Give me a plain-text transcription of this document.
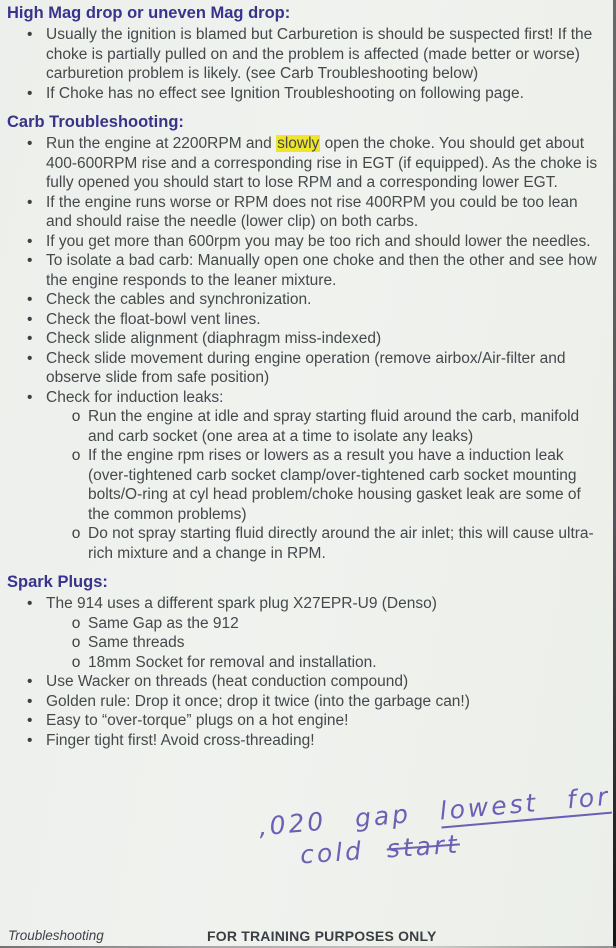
High Mag drop or uneven Mag drop:
• Usually the ignition is blamed but Carburetion is should be suspected first! If the choke is partially pulled on and the problem is affected (made better or worse) carburetion problem is likely. (see Carb Troubleshooting below)
• If Choke has no effect see Ignition Troubleshooting on following page.
Carb Troubleshooting:
• Run the engine at 2200RPM and slowly open the choke. You should get about 400-600RPM rise and a corresponding rise in EGT (if equipped). As the choke is fully opened you should start to lose RPM and a corresponding lower EGT.
• If the engine runs worse or RPM does not rise 400RPM you could be too lean and should raise the needle (lower clip) on both carbs.
• If you get more than 600rpm you may be too rich and should lower the needles.
• To isolate a bad carb: Manually open one choke and then the other and see how the engine responds to the leaner mixture.
• Check the cables and synchronization.
• Check the float-bowl vent lines.
• Check slide alignment (diaphragm miss-indexed)
• Check slide movement during engine operation (remove airbox/Air-filter and observe slide from safe position)
• Check for induction leaks:
o Run the engine at idle and spray starting fluid around the carb, manifold and carb socket (one area at a time to isolate any leaks)
o If the engine rpm rises or lowers as a result you have a induction leak (over-tightened carb socket clamp/over-tightened carb socket mounting bolts/O-ring at cyl head problem/choke housing gasket leak are some of the common problems)
o Do not spray starting fluid directly around the air inlet; this will cause ultra-rich mixture and a change in RPM.
Spark Plugs:
• The 914 uses a different spark plug X27EPR-U9 (Denso)
o Same Gap as the 912
o Same threads
o 18mm Socket for removal and installation.
• Use Wacker on threads (heat conduction compound)
• Golden rule: Drop it once; drop it twice (into the garbage can!)
• Easy to “over-torque” plugs on a hot engine!
• Finger tight first! Avoid cross-threading!
,020 gap lowest for
cold start
Troubleshooting	FOR TRAINING PURPOSES ONLY
